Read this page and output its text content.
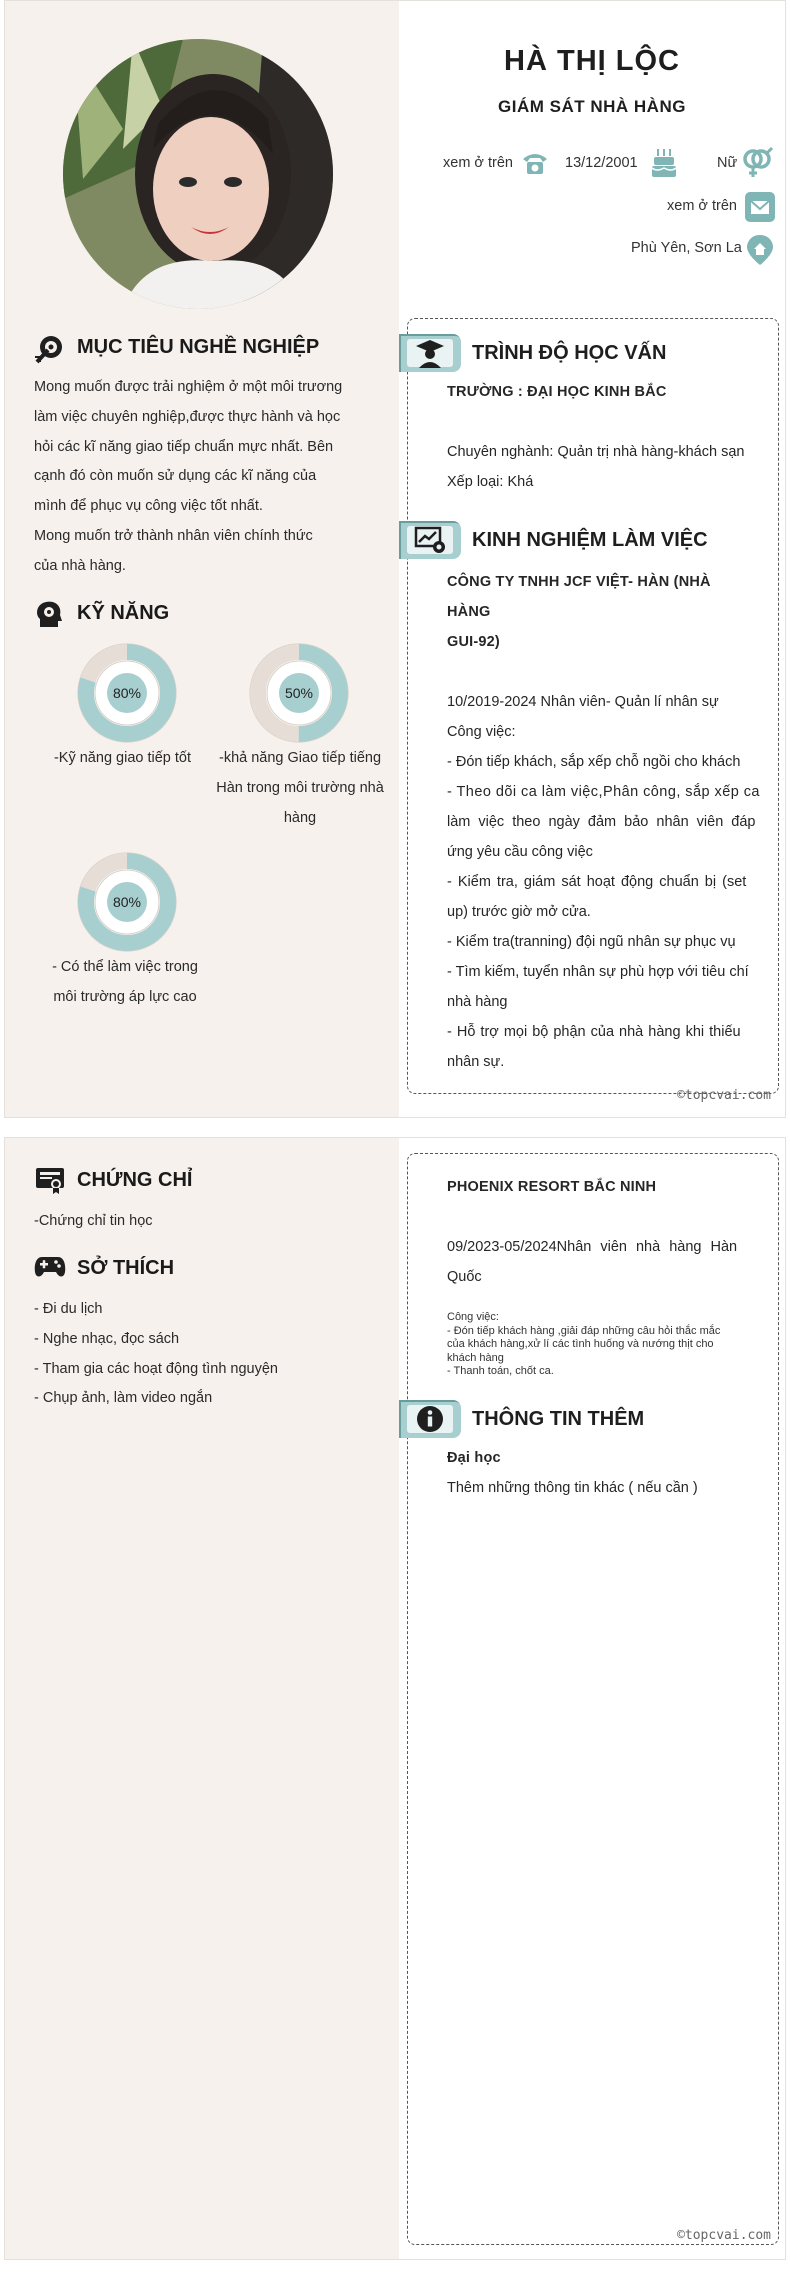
HÀ THỊ LỘC
GIÁM SÁT NHÀ HÀNG
xem ở trên	13/12/2001	Nữ
xem ở trên
Phù Yên, Sơn La
MỤC TIÊU NGHỀ NGHIỆP
Mong muốn được trải nghiệm ở một môi trương
làm việc chuyên nghiệp,được thực hành và học
hỏi các kĩ năng giao tiếp chuẩn mực nhất. Bên
cạnh đó còn muốn sử dụng các kĩ năng của
mình để phục vụ công việc tốt nhất.
Mong muốn trở thành nhân viên chính thức
của nhà hàng.
KỸ NĂNG
80%	50%
80%
-Kỹ năng giao tiếp tốt	-khả năng Giao tiếp tiếng
Hàn trong môi trường nhà
hàng
- Có thể làm việc trong
môi trường áp lực cao
TRÌNH ĐỘ HỌC VẤN
TRƯỜNG : ĐẠI HỌC KINH BẮC
Chuyên nghành: Quản trị nhà hàng-khách sạn
Xếp loại: Khá
KINH NGHIỆM LÀM VIỆC
CÔNG TY TNHH JCF VIỆT- HÀN (NHÀ HÀNG
GUI-92)
10/2019-2024 Nhân viên- Quản lí nhân sự
Công việc:
- Đón tiếp khách, sắp xếp chỗ ngồi cho khách
- Theo dõi ca làm việc,Phân công, sắp xếp ca
làm việc theo ngày đảm bảo nhân viên đáp
ứng yêu cầu công việc
- Kiểm tra, giám sát hoạt động chuẩn bị (set
up) trước giờ mở cửa.
- Kiểm tra(tranning) đội ngũ nhân sự phục vụ
- Tìm kiếm, tuyển nhân sự phù hợp với tiêu chí
nhà hàng
- Hỗ trợ mọi bộ phận của nhà hàng khi thiếu
nhân sự.
©topcvai.com
CHỨNG CHỈ
-Chứng chỉ tin học
SỞ THÍCH
- Đi du lịch
- Nghe nhạc, đọc sách
- Tham gia các hoạt động tình nguyện
- Chụp ảnh, làm video ngắn
PHOENIX RESORT BẮC NINH
09/2023-05/2024Nhân viên nhà hàng Hàn
Quốc
Công việc:
- Đón tiếp khách hàng ,giải đáp những câu hỏi thắc mắc
của khách hàng,xử lí các tình huống và nướng thịt cho
khách hàng
- Thanh toán, chốt ca.
THÔNG TIN THÊM
Đại học
Thêm những thông tin khác ( nếu cần )
©topcvai.com
